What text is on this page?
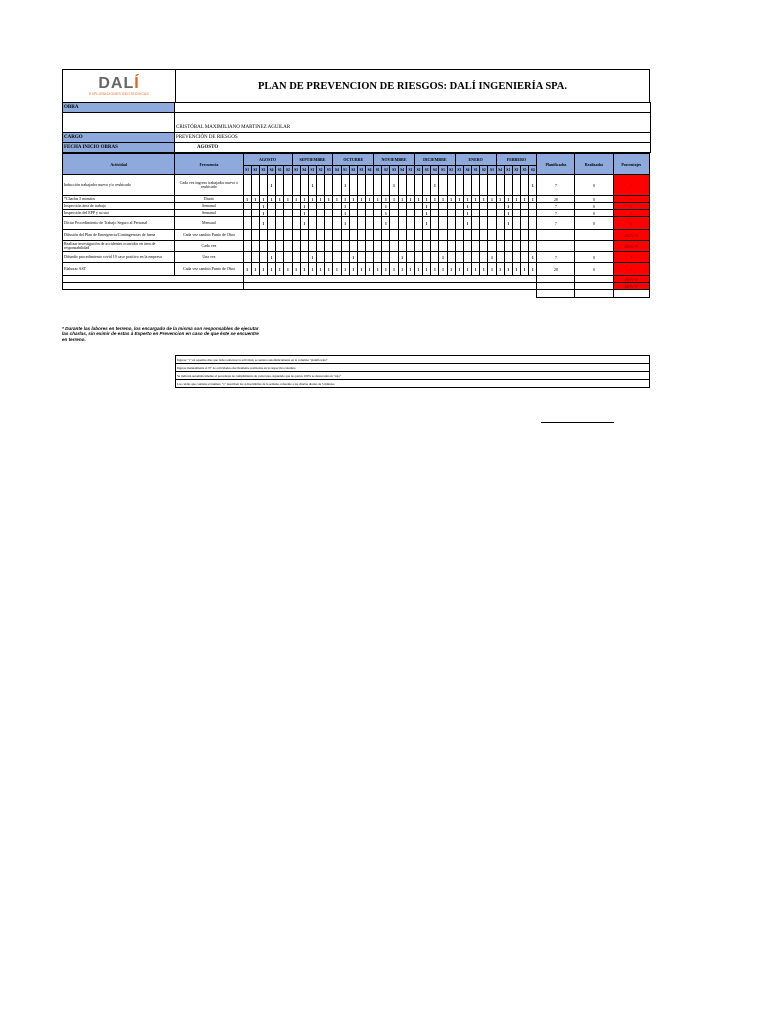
DALÍ
EXPLORACIONES GEOTÉCNICAS
PLAN DE PREVENCION DE RIESGOS: DALÍ INGENIERÍA SPA.
OBRA	
	CRISTÓBAL MAXIMILIANO MARTINEZ AGUILAR
CARGO	PREVENCIÓN DE RIESGOS
FECHA INICIO OBRAS	AGOSTO
Actividad	Frecuencia	AGOSTO						SEPTIEMBRE					OCTUBRE					NOVIEMBRE					DICIEMBRE					ENERO					FEBRERO					Planificados	Realizados	Porcentajes
		S1	S2	S3	S4	S1	S2	S3	S4	S1	S2	S3	S4	S1	S2	S3	S4	S1	S2	S3	S4	S1	S2	S3	S4	S1	S2	S3	S4	S1	S2	S3	S4	S1	S2	S3	S4			
Inducción trabajador nuevo y/o reubicado	Cada vez ingreso trabajador nuevo o reubicado				1					1				1						1					1												1	7	0	0
*Charlas 5 minutos	Diario	1	1	1	1	1	1	1	1	1	1	1	1	1	1	1	1	1	1	1	1	1	1	1	1	1	1	1	1	1	1	1	1	1	1	1	1	28	0	0
Inspección área de trabajo	Semanal			1					1					1					1					1					1					1				7	0	0
Inspección del EPP y su uso	Semanal			1					1					1					1					1					1					1				7	0	0
Dictar Procedimiento de Trabajo Seguro al Personal	Mensual			1					1					1					1					1					1					1				7	0	0
Difusión del Plan de Emergencia/Contingencias de faena	Cada vez cambio Punto de Obra																																							#DIV/0!
Realizar investigación de accidentes ocurridos en área de responsabilidad	Cada vez																																							#DIV/0!
Difundir procedimiento covid 19 caso positivo en la empresa	Una vez				1					1					1						1					1						1					1	7	0	0
Elaborar AST	Cada vez cambio Punto de Obra	1	1	1	1	1	1	1	1	1	1	1	1	1	1	1	1	1	1	1	1	1	1	1	1	1	1	1	1	1	1	1	1	1	1	1	1	28	0	0
																																								#DIV/0!
																																								#DIV/0!

* Durante las labores en terreno, los encargado de la misma son responsables de ejecutar las charlas, sin eximir de estas á Experto en Prevencion en caso de que éste se encuentre en terreno.
Ingrese "1" en aquellos días que debe realizarse la actividad, se sumara automáticamente en la columna "planificados"
Ingrese manualmente el N° de actividades efectivamente realizadas en la respectiva columna
Se indicará automáticamente el porcentaje de cumplimiento de cada tarea, siguiendo que las partes 100% se destacarán en "rojo"
Las celdas que contiene el numero "1" describen las 4 días hábiles de la semana, referente a las charlas diarias de 5 minutos
